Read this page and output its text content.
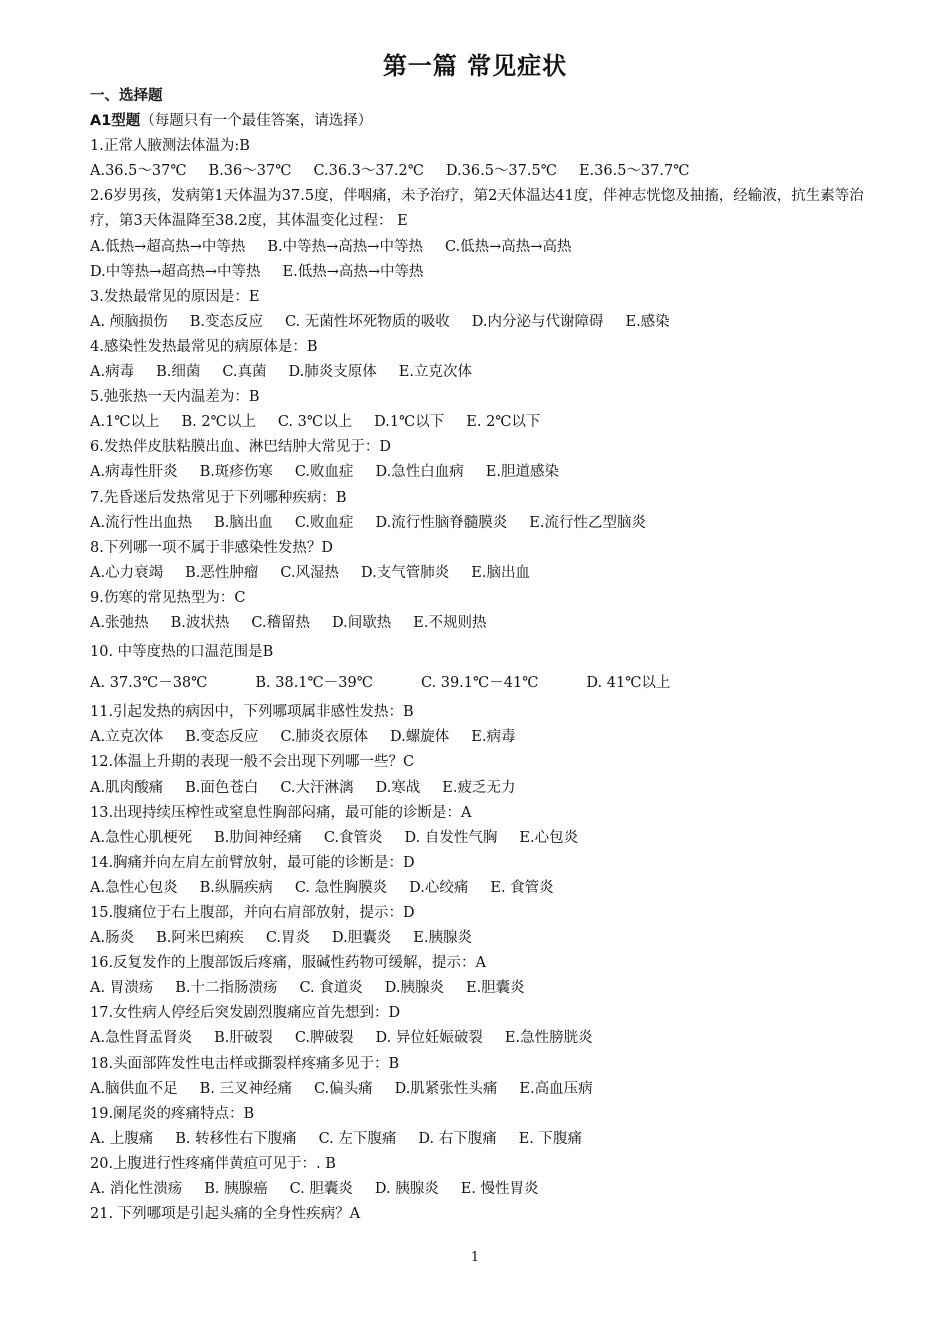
第一篇 常见症状
一、选择题
A1型题（每题只有一个最佳答案，请选择）
1.正常人腋测法体温为:B
A.36.5～37℃ B.36～37℃ C.36.3～37.2℃ D.36.5～37.5℃ E.36.5～37.7℃
2.6岁男孩，发病第1天体温为37.5度，伴咽痛，未予治疗，第2天体温达41度，伴神志恍惚及抽搐，经输液，抗生素等治疗，第3天体温降至38.2度，其体温变化过程： E
A.低热→超高热→中等热 B.中等热→高热→中等热 C.低热→高热→高热
D.中等热→超高热→中等热 E.低热→高热→中等热
3.发热最常见的原因是：E
A. 颅脑损伤 B.变态反应 C. 无菌性坏死物质的吸收 D.内分泌与代谢障碍 E.感染
4.感染性发热最常见的病原体是：B
A.病毒 B.细菌 C.真菌 D.肺炎支原体 E.立克次体
5.弛张热一天内温差为：B
A.1℃以上 B. 2℃以上 C. 3℃以上 D.1℃以下 E. 2℃以下
6.发热伴皮肤粘膜出血、淋巴结肿大常见于：D
A.病毒性肝炎 B.斑疹伤寒 C.败血症 D.急性白血病 E.胆道感染
7.先昏迷后发热常见于下列哪种疾病：B
A.流行性出血热 B.脑出血 C.败血症 D.流行性脑脊髓膜炎 E.流行性乙型脑炎
8.下列哪一项不属于非感染性发热？D
A.心力衰竭 B.恶性肿瘤 C.风湿热 D.支气管肺炎 E.脑出血
9.伤寒的常见热型为：C
A.张弛热 B.波状热 C.稽留热 D.间歇热 E.不规则热
10. 中等度热的口温范围是B
A. 37.3℃－38℃	B. 38.1℃－39℃	C. 39.1℃－41℃	D. 41℃以上
11.引起发热的病因中，下列哪项属非感性发热：B
A.立克次体 B.变态反应 C.肺炎衣原体 D.螺旋体 E.病毒
12.体温上升期的表现一般不会出现下列哪一些？C
A.肌肉酸痛 B.面色苍白 C.大汗淋漓 D.寒战 E.疲乏无力
13.出现持续压榨性或窒息性胸部闷痛，最可能的诊断是：A
A.急性心肌梗死 B.肋间神经痛 C.食管炎 D. 自发性气胸 E.心包炎
14.胸痛并向左肩左前臂放射，最可能的诊断是：D
A.急性心包炎 B.纵膈疾病 C. 急性胸膜炎 D.心绞痛 E. 食管炎
15.腹痛位于右上腹部，并向右肩部放射，提示：D
A.肠炎 B.阿米巴痢疾 C.胃炎 D.胆囊炎 E.胰腺炎
16.反复发作的上腹部饭后疼痛，服碱性药物可缓解，提示：A
A. 胃溃疡 B.十二指肠溃疡 C. 食道炎 D.胰腺炎 E.胆囊炎
17.女性病人停经后突发剧烈腹痛应首先想到：D
A.急性肾盂肾炎 B.肝破裂 C.脾破裂 D. 异位妊娠破裂 E.急性膀胱炎
18.头面部阵发性电击样或撕裂样疼痛多见于：B
A.脑供血不足 B. 三叉神经痛 C.偏头痛 D.肌紧张性头痛 E.高血压病
19.阑尾炎的疼痛特点：B
A. 上腹痛 B. 转移性右下腹痛 C. 左下腹痛 D. 右下腹痛 E. 下腹痛
20.上腹进行性疼痛伴黄疸可见于：. B
A. 消化性溃疡 B. 胰腺癌 C. 胆囊炎 D. 胰腺炎 E. 慢性胃炎
21. 下列哪项是引起头痛的全身性疾病？A
1
